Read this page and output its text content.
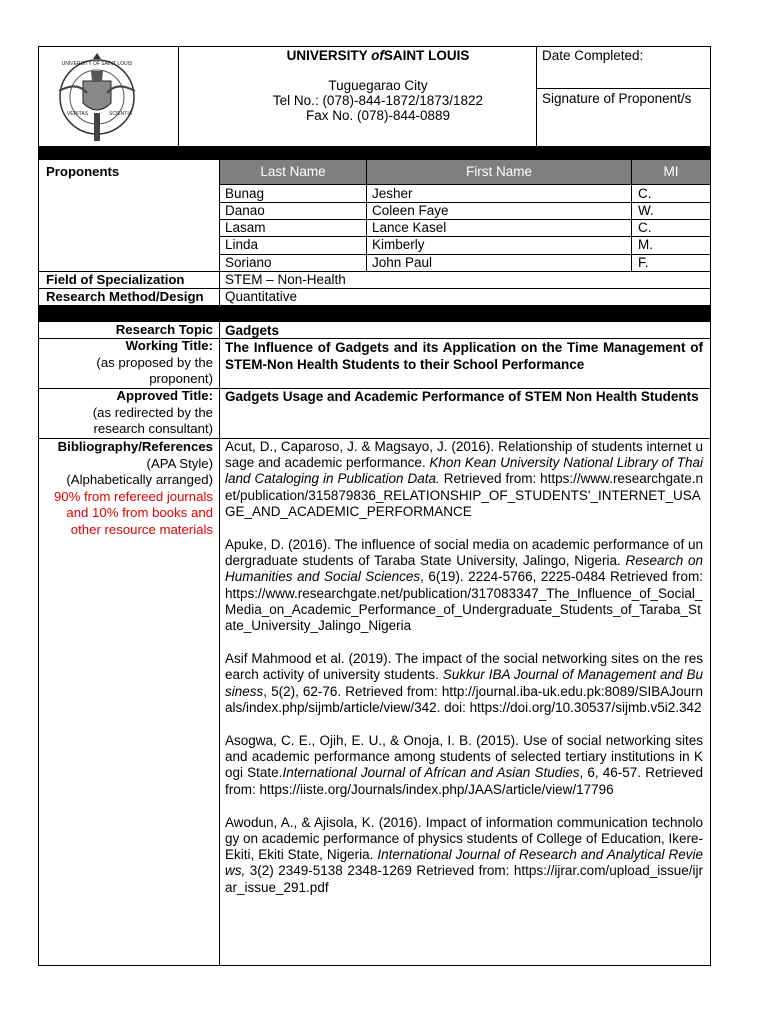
UNIVERSITY OF SAINT LOUIS
VERITAS	SCIENTIA
UNIVERSITY ofSAINT LOUIS
Tuguegarao City
Tel No.: (078)-844-1872/1873/1822
Fax No. (078)-844-0889
Date Completed:
Signature of Proponent/s
Proponents	Last Name	First Name	MI
Bunag	Jesher	C.
Danao	Coleen Faye	W.
Lasam	Lance Kasel	C.
Linda	Kimberly	M.
Soriano	John Paul	F.
Field of Specialization	STEM – Non-Health
Research Method/Design Quantitative
Research Topic Gadgets
Working Title:
(as proposed by the
proponent)
The Influence of Gadgets and its Application on the Time Management of STEM-Non Health Students to their School Performance
Approved Title:
(as redirected by the
research consultant)
Gadgets Usage and Academic Performance of STEM Non Health Students
Bibliography/References
(APA Style)
(Alphabetically arranged)
90% from refereed journals
and 10% from books and
other resource materials

Acut, D., Caparoso, J. & Magsayo, J. (2016). Relationship of students internet usage and academic performance. Khon Kean University National Library of Thailand Cataloging in Publication Data. Retrieved from: https://www.researchgate.net/publication/315879836_RELATIONSHIP_OF_STUDENTS'_INTERNET_USAGE_AND_ACADEMIC_PERFORMANCE

Apuke, D. (2016). The influence of social media on academic performance of undergraduate students of Taraba State University, Jalingo, Nigeria. Research on Humanities and Social Sciences, 6(19). 2224-5766, 2225-0484 Retrieved from: https://www.researchgate.net/publication/317083347_The_Influence_of_Social_Media_on_Academic_Performance_of_Undergraduate_Students_of_Taraba_State_University_Jalingo_Nigeria

Asif Mahmood et al. (2019). The impact of the social networking sites on the research activity of university students. Sukkur IBA Journal of Management and Business, 5(2), 62-76. Retrieved from: http://journal.iba-uk.edu.pk:8089/SIBAJournals/index.php/sijmb/article/view/342. doi: https://doi.org/10.30537/sijmb.v5i2.342

Asogwa, C. E., Ojih, E. U., & Onoja, I. B. (2015). Use of social networking sites and academic performance among students of selected tertiary institutions in Kogi State.International Journal of African and Asian Studies, 6, 46-57. Retrieved from: https://iiste.org/Journals/index.php/JAAS/article/view/17796

Awodun, A., & Ajisola, K. (2016). Impact of information communication technology on academic performance of physics students of College of Education, Ikere-Ekiti, Ekiti State, Nigeria. International Journal of Research and Analytical Reviews, 3(2) 2349-5138 2348-1269 Retrieved from: https://ijrar.com/upload_issue/ijrar_issue_291.pdf
